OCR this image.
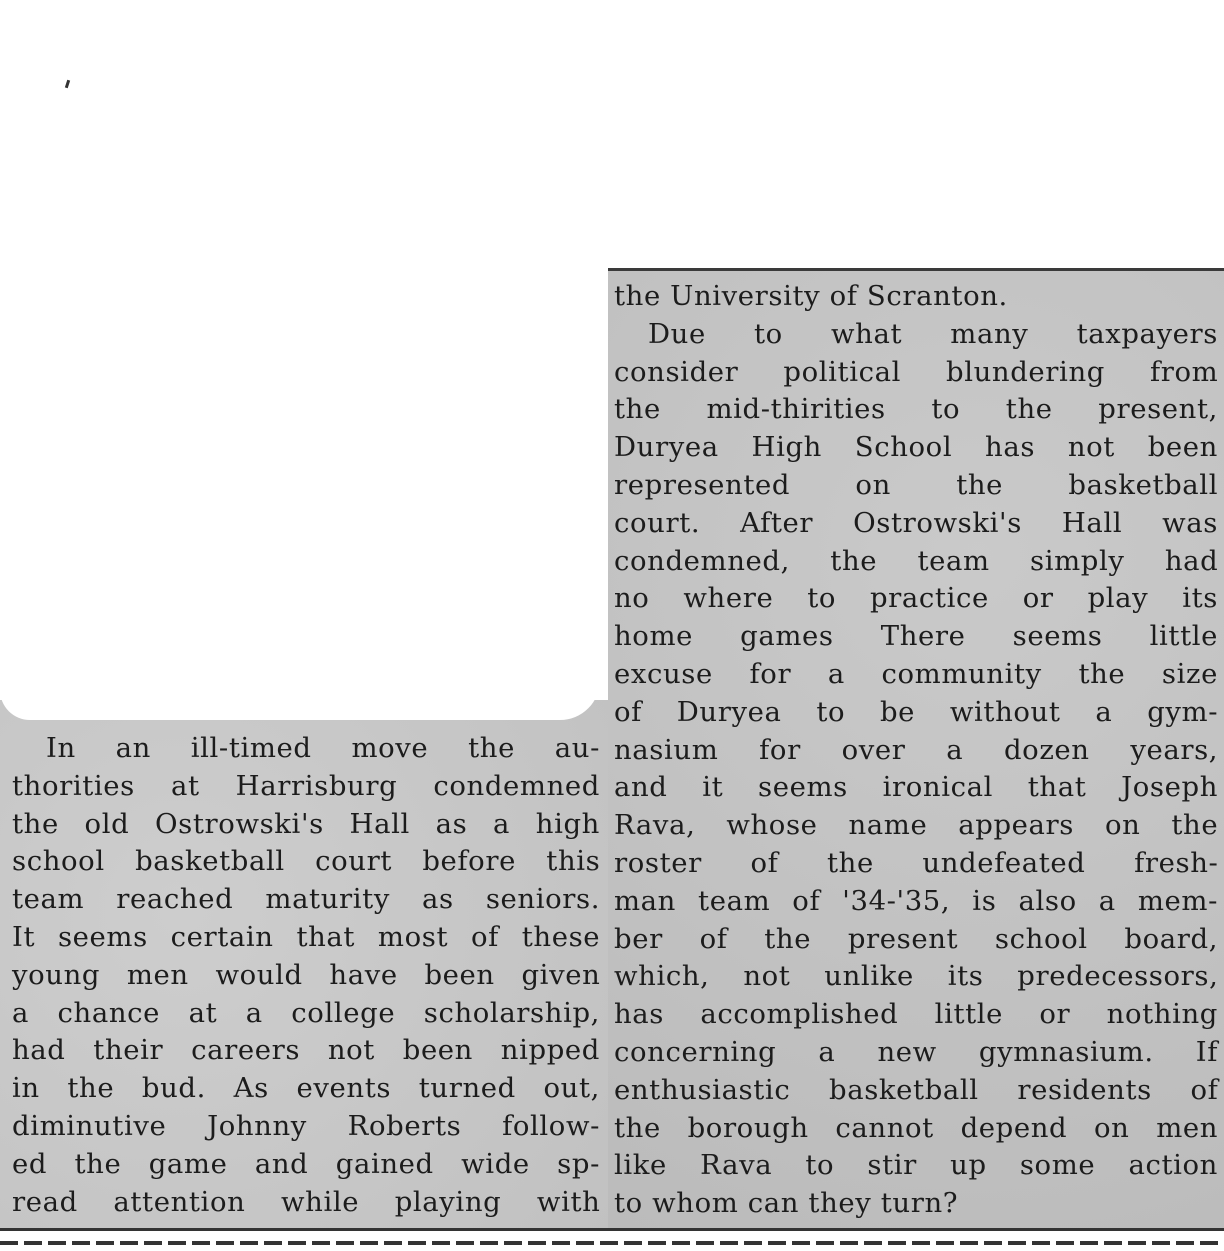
In an ill-timed move the au-
thorities at Harrisburg condemned
the old Ostrowski's Hall as a high
school basketball court before this
team reached maturity as seniors.
It seems certain that most of these
young men would have been given
a chance at a college scholarship,
had their careers not been nipped
in the bud. As events turned out,
diminutive Johnny Roberts follow-
ed the game and gained wide sp-
read attention while playing with
the University of Scranton.
Due to what many taxpayers
consider political blundering from
the mid-thirities to the present,
Duryea High School has not been
represented on the basketball
court. After Ostrowski's Hall was
condemned, the team simply had
no where to practice or play its
home games There seems little
excuse for a community the size
of Duryea to be without a gym-
nasium for over a dozen years,
and it seems ironical that Joseph
Rava, whose name appears on the
roster of the undefeated fresh-
man team of '34-'35, is also a mem-
ber of the present school board,
which, not unlike its predecessors,
has accomplished little or nothing
concerning a new gymnasium. If
enthusiastic basketball residents of
the borough cannot depend on men
like Rava to stir up some action
to whom can they turn?
